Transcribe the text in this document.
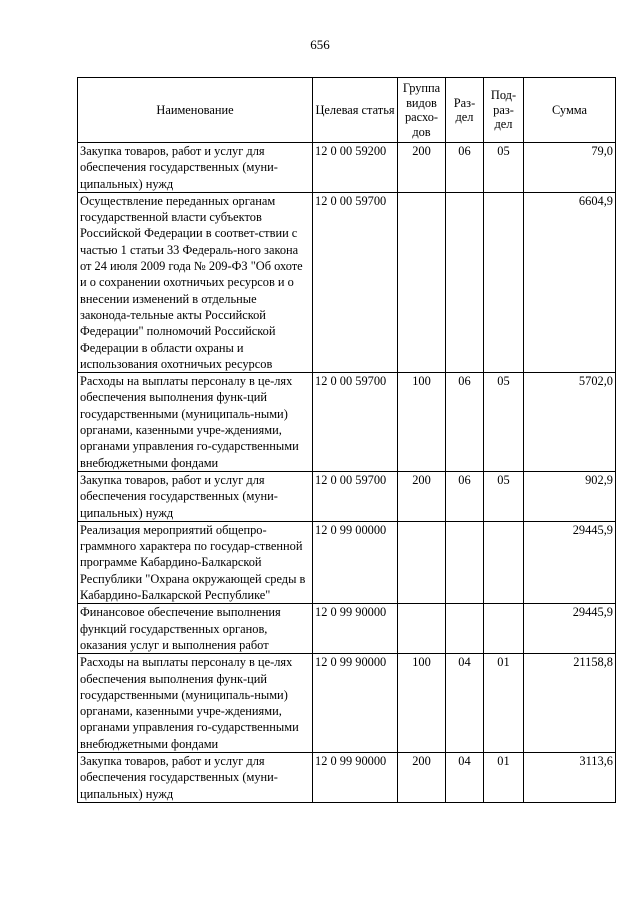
656
Наименование	Целевая статья	Группа видов расхо-дов	Раз-дел	Под-раз-дел	Сумма
Закупка товаров, работ и услуг для обеспечения государственных (муни-ципальных) нужд	12 0 00 59200	200	06	05	79,0
Осуществление переданных органам государственной власти субъектов Российской Федерации в соответ-ствии с частью 1 статьи 33 Федераль-ного закона от 24 июля 2009 года № 209-ФЗ "Об охоте и о сохранении охотничьих ресурсов и о внесении изменений в отдельные законода-тельные акты Российской Федерации" полномочий Российской Федерации в области охраны и использования охотничьих ресурсов	12 0 00 59700				6604,9
Расходы на выплаты персоналу в це-лях обеспечения выполнения функ-ций государственными (муниципаль-ными) органами, казенными учре-ждениями, органами управления го-сударственными внебюджетными фондами	12 0 00 59700	100	06	05	5702,0
Закупка товаров, работ и услуг для обеспечения государственных (муни-ципальных) нужд	12 0 00 59700	200	06	05	902,9
Реализация мероприятий общепро-граммного характера по государ-ственной программе Кабардино-Балкарской Республики "Охрана окружающей среды в Кабардино-Балкарской Республике"	12 0 99 00000				29445,9
Финансовое обеспечение выполнения функций государственных органов, оказания услуг и выполнения работ	12 0 99 90000				29445,9
Расходы на выплаты персоналу в це-лях обеспечения выполнения функ-ций государственными (муниципаль-ными) органами, казенными учре-ждениями, органами управления го-сударственными внебюджетными фондами	12 0 99 90000	100	04	01	21158,8
Закупка товаров, работ и услуг для обеспечения государственных (муни-ципальных) нужд	12 0 99 90000	200	04	01	3113,6
